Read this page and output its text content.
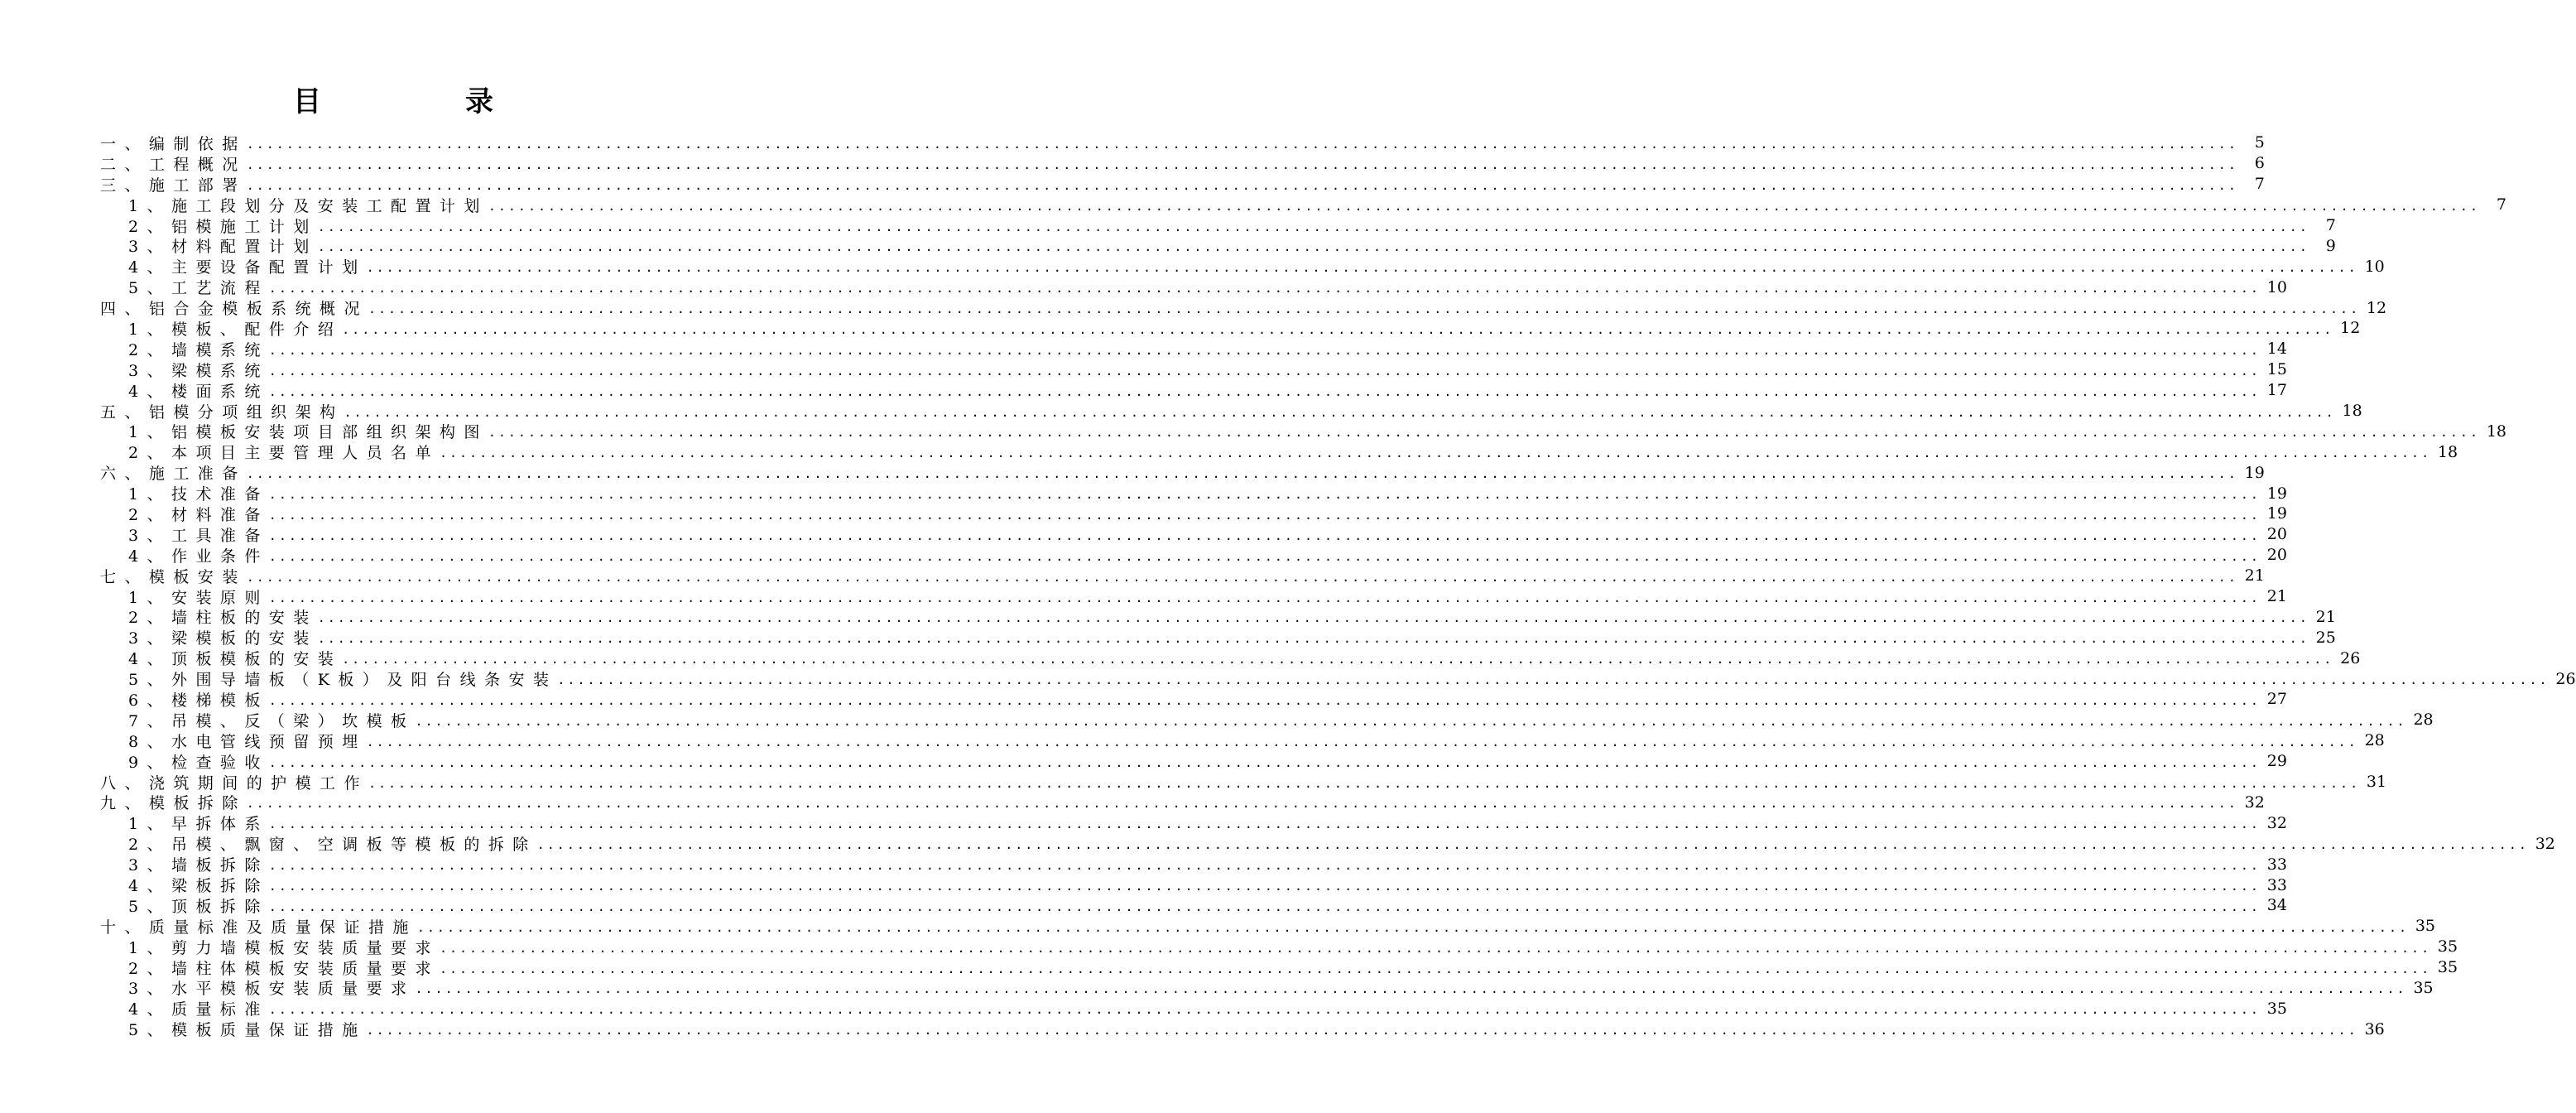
目　录
一、编制依据 ........................................................................................................................................................................................................	5
二、工程概况 ........................................................................................................................................................................................................	6
三、施工部署 ........................................................................................................................................................................................................	7
1、施工段划分及安装工配置计划 ........................................................................................................................................................................................................	7
2、铝模施工计划 ........................................................................................................................................................................................................	7
3、材料配置计划 ........................................................................................................................................................................................................	9
4、主要设备配置计划 ........................................................................................................................................................................................................ 10
5、工艺流程 ........................................................................................................................................................................................................ 10
四、铝合金模板系统概况 ........................................................................................................................................................................................................ 12
1、模板、配件介绍 ........................................................................................................................................................................................................ 12
2、墙模系统 ........................................................................................................................................................................................................ 14
3、梁模系统 ........................................................................................................................................................................................................ 15
4、楼面系统 ........................................................................................................................................................................................................ 17
五、铝模分项组织架构 ........................................................................................................................................................................................................ 18
1、铝模板安装项目部组织架构图 ........................................................................................................................................................................................................ 18
2、本项目主要管理人员名单 ........................................................................................................................................................................................................ 18
六、施工准备 ........................................................................................................................................................................................................ 19
1、技术准备 ........................................................................................................................................................................................................ 19
2、材料准备 ........................................................................................................................................................................................................ 19
3、工具准备 ........................................................................................................................................................................................................ 20
4、作业条件 ........................................................................................................................................................................................................ 20
七、模板安装 ........................................................................................................................................................................................................ 21
1、安装原则 ........................................................................................................................................................................................................ 21
2、墙柱板的安装 ........................................................................................................................................................................................................ 21
3、梁模板的安装 ........................................................................................................................................................................................................ 25
4、顶板模板的安装 ........................................................................................................................................................................................................ 26
5、外围导墙板（K板）及阳台线条安装 ........................................................................................................................................................................................................ 26
6、楼梯模板 ........................................................................................................................................................................................................ 27
7、吊模、反（梁）坎模板 ........................................................................................................................................................................................................ 28
8、水电管线预留预埋 ........................................................................................................................................................................................................ 28
9、检查验收 ........................................................................................................................................................................................................ 29
八、浇筑期间的护模工作 ........................................................................................................................................................................................................ 31
九、模板拆除 ........................................................................................................................................................................................................ 32
1、早拆体系 ........................................................................................................................................................................................................ 32
2、吊模、飘窗、空调板等模板的拆除 ........................................................................................................................................................................................................ 32
3、墙板拆除 ........................................................................................................................................................................................................ 33
4、梁板拆除 ........................................................................................................................................................................................................ 33
5、顶板拆除 ........................................................................................................................................................................................................ 34
十、质量标准及质量保证措施 ........................................................................................................................................................................................................ 35
1、剪力墙模板安装质量要求 ........................................................................................................................................................................................................ 35
2、墙柱体模板安装质量要求 ........................................................................................................................................................................................................ 35
3、水平模板安装质量要求 ........................................................................................................................................................................................................ 35
4、质量标准 ........................................................................................................................................................................................................ 35
5、模板质量保证措施 ........................................................................................................................................................................................................ 36
